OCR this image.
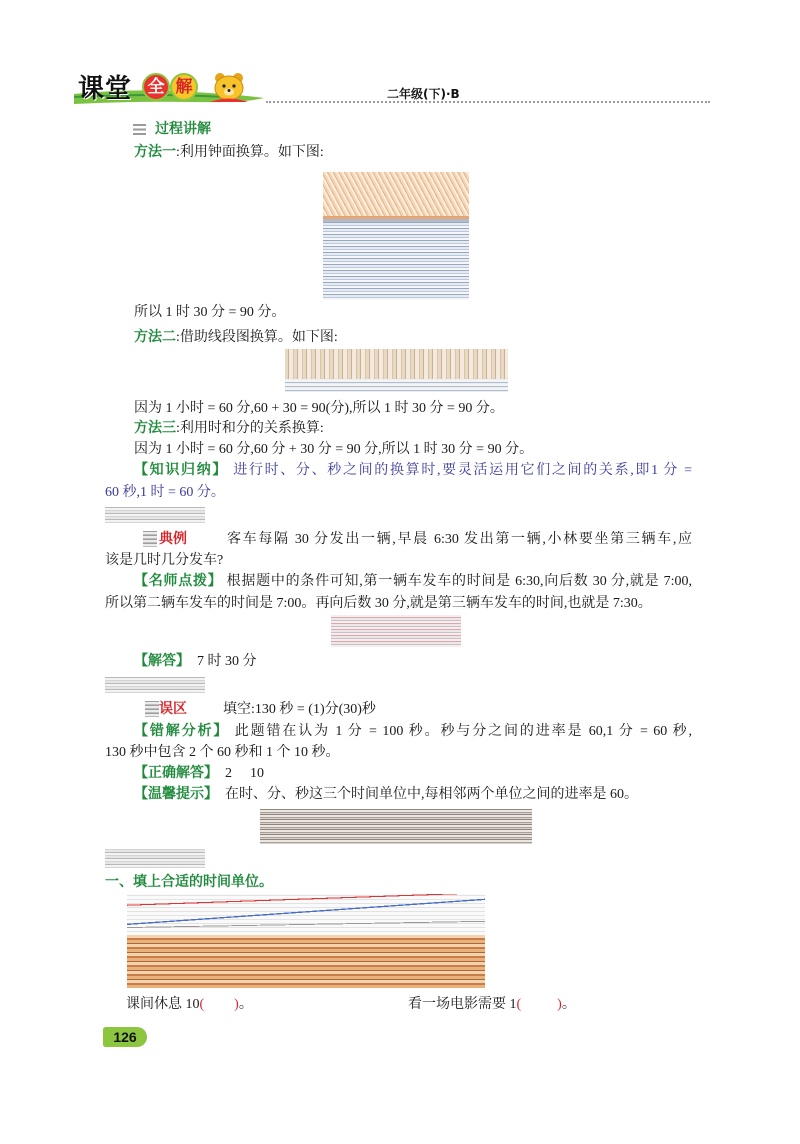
课堂 全 解	二年级(下)·B
过程讲解
方法一:利用钟面换算。如下图:
所以 1 时 30 分 = 90 分。
方法二:借助线段图换算。如下图:
因为 1 小时 = 60 分,60 + 30 = 90(分),所以 1 时 30 分 = 90 分。
方法三:利用时和分的关系换算:
因为 1 小时 = 60 分,60 分 + 30 分 = 90 分,所以 1 时 30 分 = 90 分。
【知识归纳】 进行时、分、秒之间的换算时,要灵活运用它们之间的关系,即1 分 =
60 秒,1 时 = 60 分。
典例	客车每隔 30 分发出一辆,早晨 6:30 发出第一辆,小林要坐第三辆车,应
该是几时几分发车?
【名师点拨】 根据题中的条件可知,第一辆车发车的时间是 6:30,向后数 30 分,就是 7:00,
所以第二辆车发车的时间是 7:00。再向后数 30 分,就是第三辆车发车的时间,也就是 7:30。
【解答】 7 时 30 分
误区	填空:130 秒 = (1)分(30)秒
【错解分析】 此题错在认为 1 分 = 100 秒。秒与分之间的进率是 60,1 分 = 60 秒,
130 秒中包含 2 个 60 秒和 1 个 10 秒。
【正确解答】 2 10
【温馨提示】 在时、分、秒这三个时间单位中,每相邻两个单位之间的进率是 60。
一、填上合适的时间单位。
课间休息 10( )。	看一场电影需要 1(	)。
126
